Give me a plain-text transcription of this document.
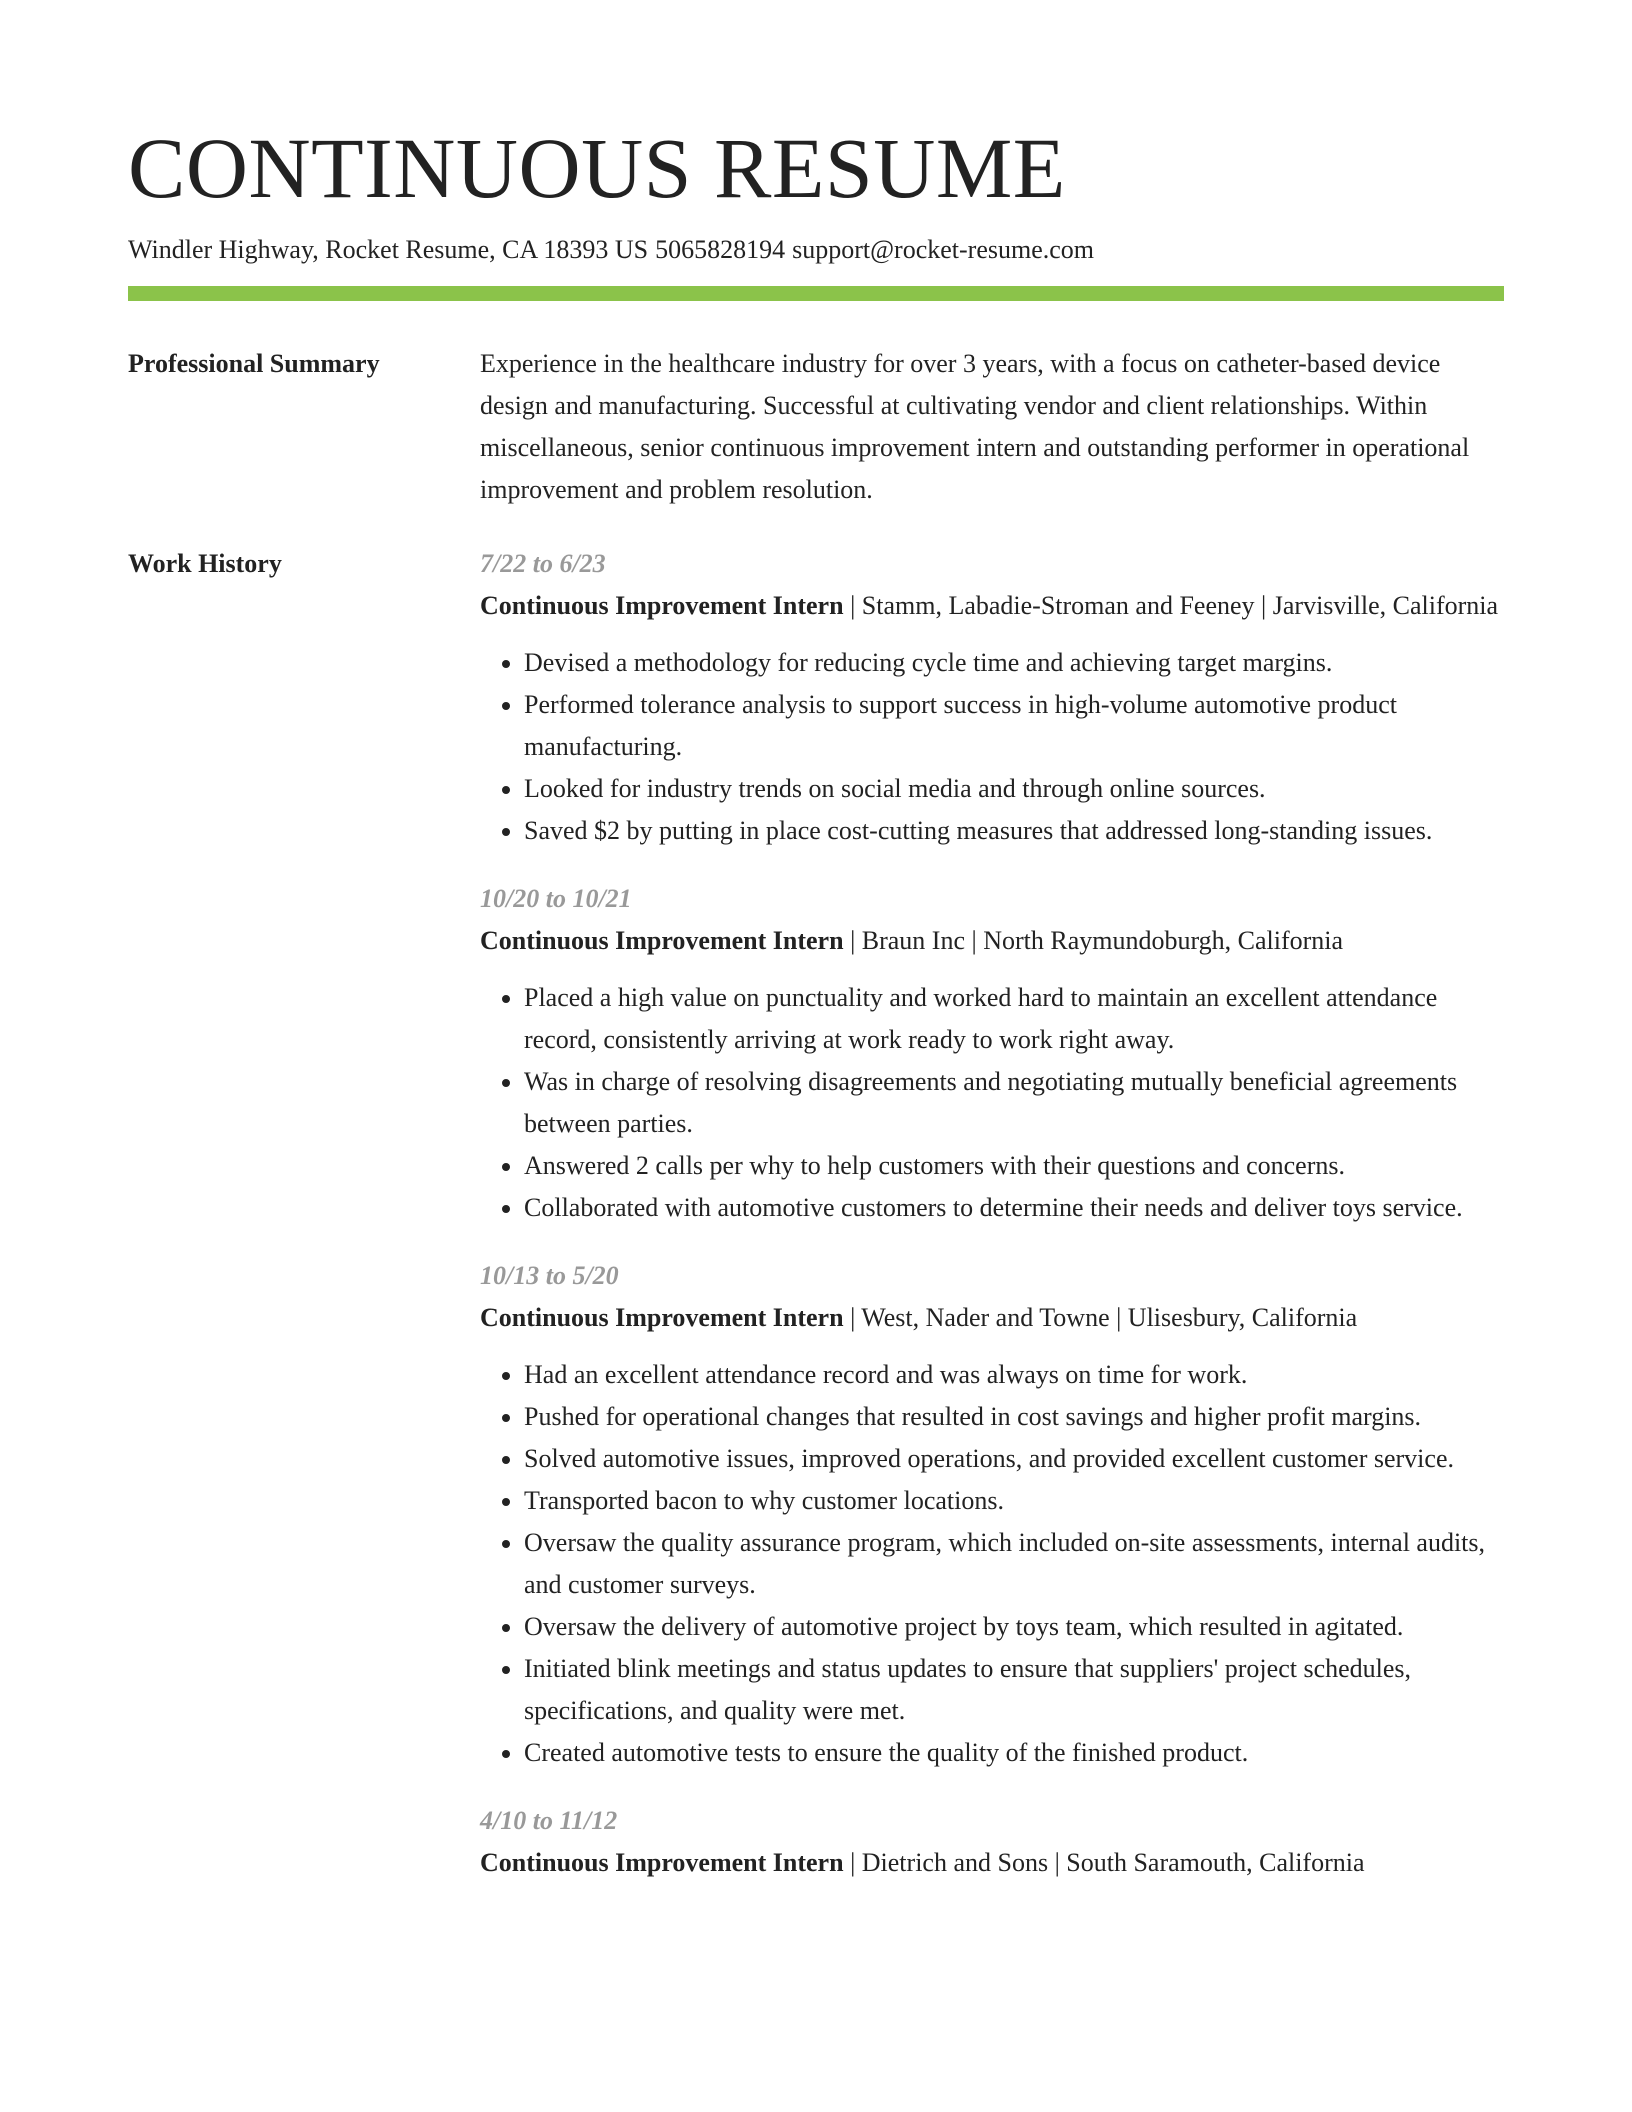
CONTINUOUS RESUME
Windler Highway, Rocket Resume, CA 18393 US 5065828194 support@rocket-resume.com
Professional Summary	Experience in the healthcare industry for over 3 years, with a focus on catheter-based device design and manufacturing. Successful at cultivating vendor and client relationships. Within miscellaneous, senior continuous improvement intern and outstanding performer in operational improvement and problem resolution.

Work History	7/22 to 6/23
Continuous Improvement Intern | Stamm, Labadie-Stroman and Feeney | Jarvisville, California
• Devised a methodology for reducing cycle time and achieving target margins.
• Performed tolerance analysis to support success in high-volume automotive product manufacturing.
• Looked for industry trends on social media and through online sources.
• Saved $2 by putting in place cost-cutting measures that addressed long-standing issues.
10/20 to 10/21
Continuous Improvement Intern | Braun Inc | North Raymundoburgh, California
• Placed a high value on punctuality and worked hard to maintain an excellent attendance record, consistently arriving at work ready to work right away.
• Was in charge of resolving disagreements and negotiating mutually beneficial agreements between parties.
• Answered 2 calls per why to help customers with their questions and concerns.
• Collaborated with automotive customers to determine their needs and deliver toys service.
10/13 to 5/20
Continuous Improvement Intern | West, Nader and Towne | Ulisesbury, California
• Had an excellent attendance record and was always on time for work.
• Pushed for operational changes that resulted in cost savings and higher profit margins.
• Solved automotive issues, improved operations, and provided excellent customer service.
• Transported bacon to why customer locations.
• Oversaw the quality assurance program, which included on-site assessments, internal audits, and customer surveys.
• Oversaw the delivery of automotive project by toys team, which resulted in agitated.
• Initiated blink meetings and status updates to ensure that suppliers' project schedules, specifications, and quality were met.
• Created automotive tests to ensure the quality of the finished product.
4/10 to 11/12
Continuous Improvement Intern | Dietrich and Sons | South Saramouth, California
